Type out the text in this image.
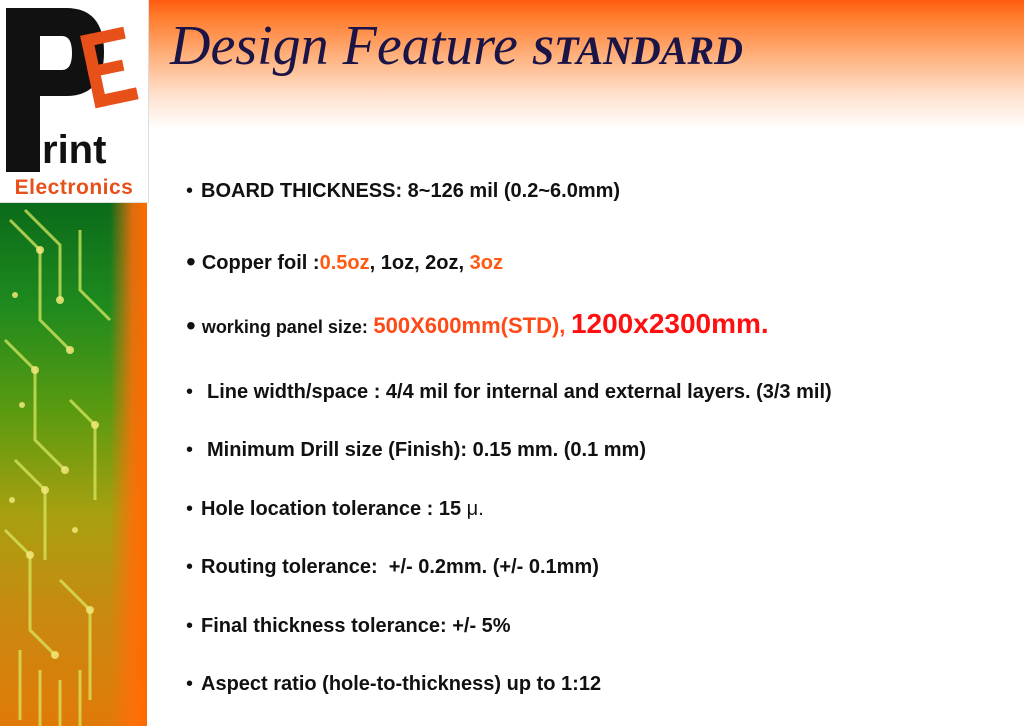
rint
Electronics
Design Feature STANDARD
• BOARD THICKNESS: 8~126 mil (0.2~6.0mm)
• Copper foil :0.5oz, 1oz, 2oz, 3oz
• working panel size: 500X600mm(STD), 1200x2300mm.
• Line width/space : 4/4 mil for internal and external layers. (3/3 mil)
• Minimum Drill size (Finish): 0.15 mm. (0.1 mm)
• Hole location tolerance : 15 μ.
• Routing tolerance:  +/- 0.2mm. (+/- 0.1mm)
• Final thickness tolerance: +/- 5%
• Aspect ratio (hole-to-thickness) up to 1:12
